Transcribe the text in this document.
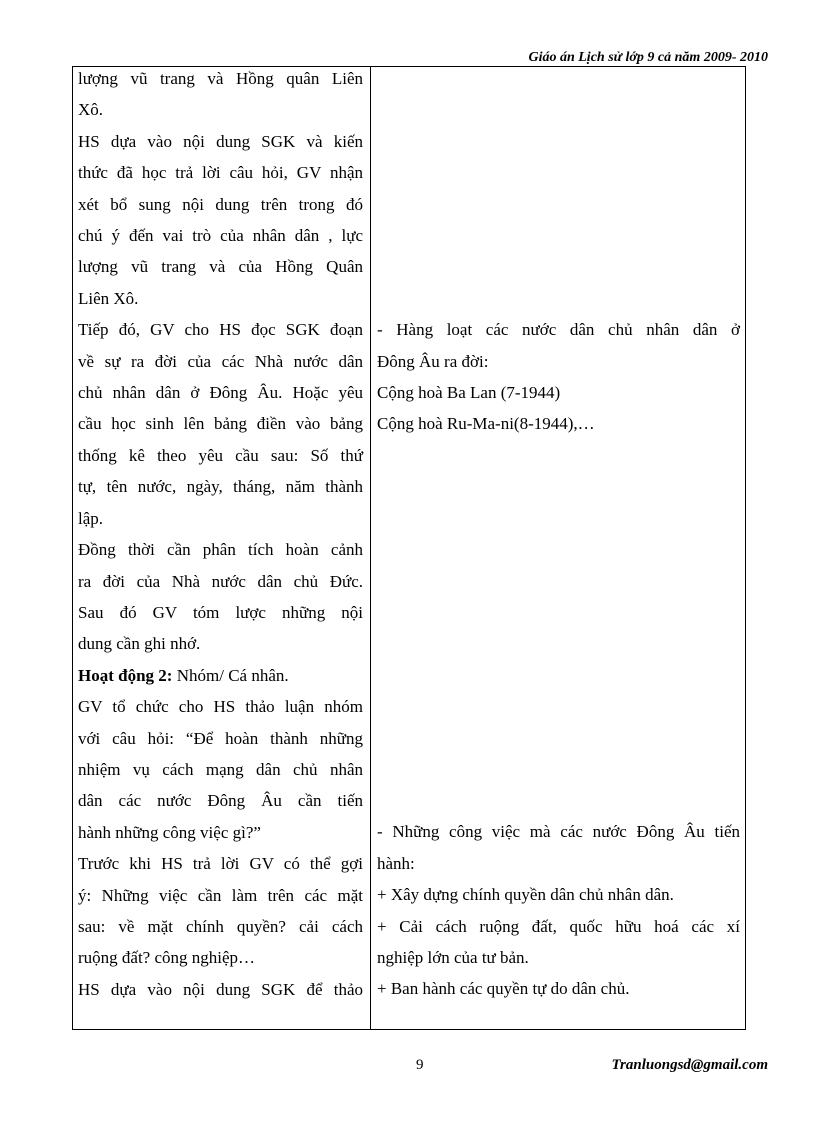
Giáo án Lịch sử lớp 9 cả năm 2009- 2010
lượng vũ trang và Hồng quân Liên
Xô.
HS dựa vào nội dung SGK và kiến
thức đã học trả lời câu hỏi, GV nhận
xét bổ sung nội dung trên trong đó
chú ý đến vai trò của nhân dân , lực
lượng vũ trang và của Hồng Quân
Liên Xô.
Tiếp đó, GV cho HS đọc SGK đoạn
về sự ra đời của các Nhà nước dân
chủ nhân dân ở Đông Âu. Hoặc yêu
cầu học sinh lên bảng điền vào bảng
thống kê theo yêu cầu sau: Số thứ
tự, tên nước, ngày, tháng, năm thành
lập.
Đồng thời cần phân tích hoàn cảnh
ra đời của Nhà nước dân chủ Đức.
Sau đó GV tóm lược những nội
dung cần ghi nhớ.
Hoạt động 2: Nhóm/ Cá nhân.
GV tổ chức cho HS thảo luận nhóm
với câu hỏi: “Để hoàn thành những
nhiệm vụ cách mạng dân chủ nhân
dân các nước Đông Âu cần tiến
hành những công việc gì?”
Trước khi HS trả lời GV có thể gợi
ý: Những việc cần làm trên các mặt
sau: về mặt chính quyền? cải cách
ruộng đất? công nghiệp…
HS dựa vào nội dung SGK để thảo
- Hàng loạt các nước dân chủ nhân dân ở
Đông Âu ra đời:
Cộng hoà Ba Lan (7-1944)
Cộng hoà Ru-Ma-ni(8-1944),…
- Những công việc mà các nước Đông Âu tiến
hành:
+ Xây dựng chính quyền dân chủ nhân dân.
+ Cải cách ruộng đất, quốc hữu hoá các xí
nghiệp lớn của tư bản.
+ Ban hành các quyền tự do dân chủ.
9	Tranluongsd@gmail.com
